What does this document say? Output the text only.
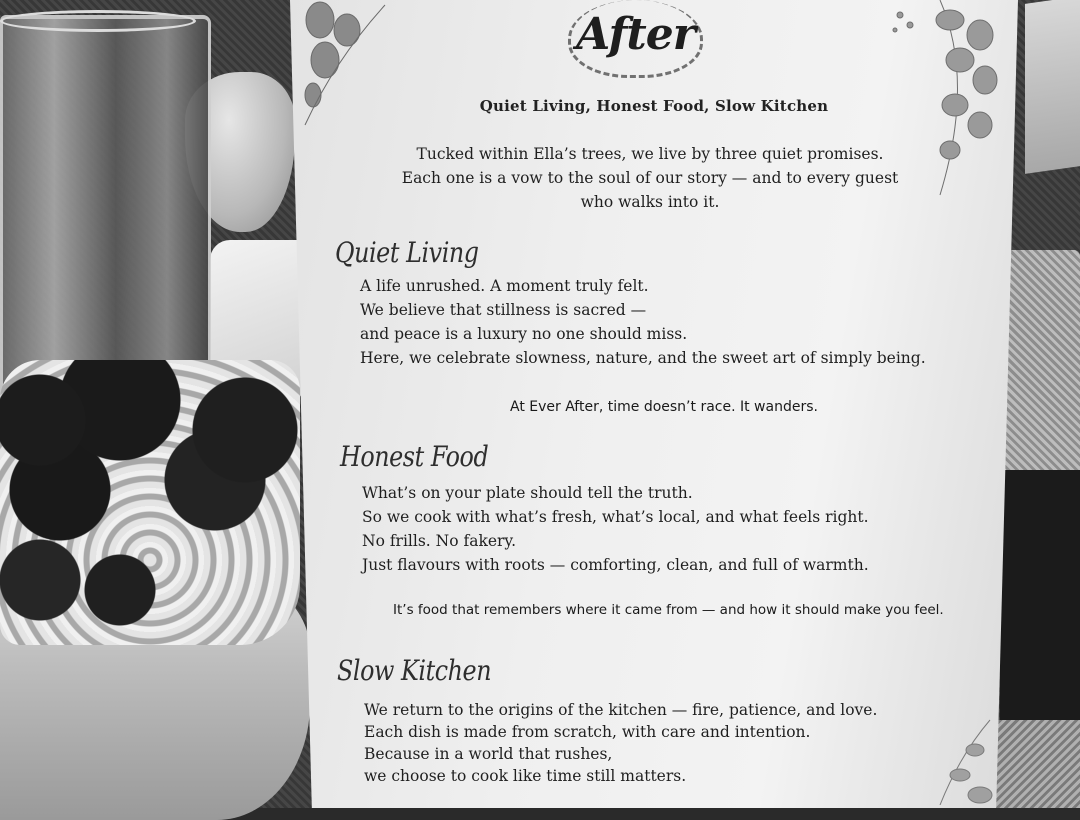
After
Quiet Living, Honest Food, Slow Kitchen
Tucked within Ella’s trees, we live by three quiet promises.
Each one is a vow to the soul of our story — and to every guest
who walks into it.
Quiet Living
A life unrushed. A moment truly felt.
We believe that stillness is sacred —
and peace is a luxury no one should miss.
Here, we celebrate slowness, nature, and the sweet art of simply being.
At Ever After, time doesn’t race. It wanders.
Honest Food
What’s on your plate should tell the truth.
So we cook with what’s fresh, what’s local, and what feels right.
No frills. No fakery.
Just flavours with roots — comforting, clean, and full of warmth.
It’s food that remembers where it came from — and how it should make you feel.
Slow Kitchen
We return to the origins of the kitchen — fire, patience, and love.
Each dish is made from scratch, with care and intention.
Because in a world that rushes,
we choose to cook like time still matters.
